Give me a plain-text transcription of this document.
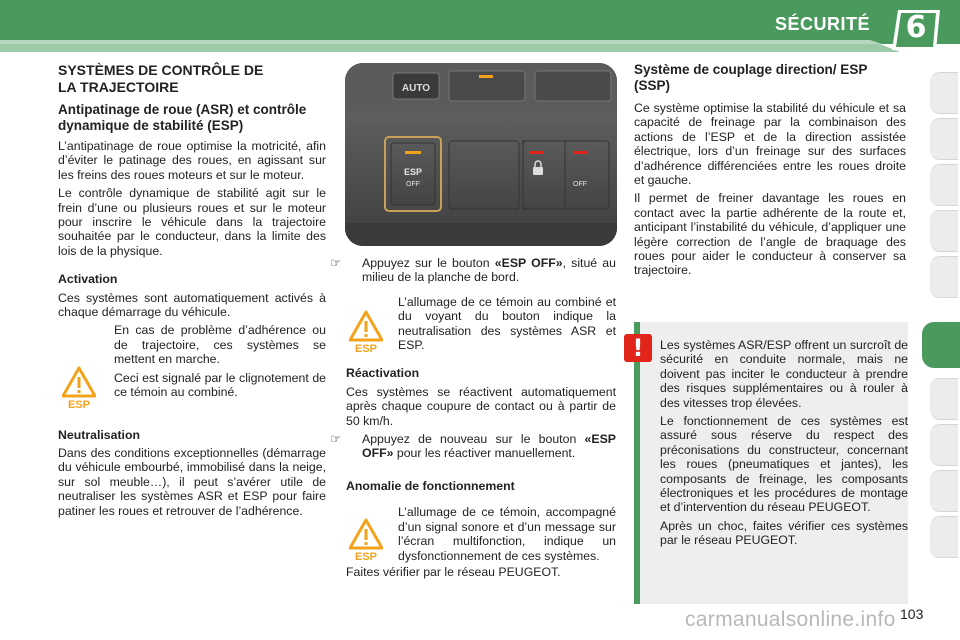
SÉCURITÉ	6
SYSTÈMES DE CONTRÔLE DE
LA TRAJECTOIRE
Antipatinage de roue (ASR) et contrôle dynamique de stabilité (ESP)

L’antipatinage de roue optimise la motricité, afin d’éviter le patinage des roues, en agissant sur les freins des roues moteurs et sur le moteur.

Le contrôle dynamique de stabilité agit sur le frein d’une ou plusieurs roues et sur le moteur pour inscrire le véhicule dans la trajectoire souhaitée par le conducteur, dans la limite des lois de la physique.

Activation

Ces systèmes sont automatiquement activés à chaque démarrage du véhicule.

En cas de problème d’adhérence ou de trajectoire, ces systèmes se mettent en marche.

Ceci est signalé par le clignotement de ce témoin au combiné.

Neutralisation

Dans des conditions exceptionnelles (démarrage du véhicule embourbé, immobilisé dans la neige, sur sol meuble…), il peut s’avérer utile de neutraliser les systèmes ASR et ESP pour faire patiner les roues et retrouver de l’adhérence.

ESP
ESP
ESP
AUTO
ESP
OFF	OFF

☞ Appuyez sur le bouton «ESP OFF», situé au milieu de la planche de bord.

L’allumage de ce témoin au combiné et du voyant du bouton indique la neutralisation des systèmes ASR et ESP.

Réactivation

Ces systèmes se réactivent automatiquement après chaque coupure de contact ou à partir de 50 km/h.

☞ Appuyez de nouveau sur le bouton «ESP OFF» pour les réactiver manuellement.

Anomalie de fonctionnement

L’allumage de ce témoin, accompagné d’un signal sonore et d’un message sur l’écran multifonction, indique un dysfonctionnement de ces systèmes.

Faites vérifier par le réseau PEUGEOT.

Système de couplage direction/ ESP (SSP)

Ce système optimise la stabilité du véhicule et sa capacité de freinage par la combinaison des actions de l’ESP et de la direction assistée électrique, lors d’un freinage sur des surfaces d’adhérence différenciées entre les roues droite et gauche.

Il permet de freiner davantage les roues en contact avec la partie adhérente de la route et, anticipant l’instabilité du véhicule, d’appliquer une légère correction de l’angle de braquage des roues pour aider le conducteur à conserver sa trajectoire.

Les systèmes ASR/ESP offrent un surcroît de sécurité en conduite normale, mais ne doivent pas inciter le conducteur à prendre des risques supplémentaires ou à rouler à des vitesses trop élevées.

Le fonctionnement de ces systèmes est assuré sous réserve du respect des préconisations du constructeur, concernant les roues (pneumatiques et jantes), les composants de freinage, les composants électroniques et les procédures de montage et d’intervention du réseau PEUGEOT.

Après un choc, faites vérifier ces systèmes par le réseau PEUGEOT.

!
carmanualsonline.info 103
